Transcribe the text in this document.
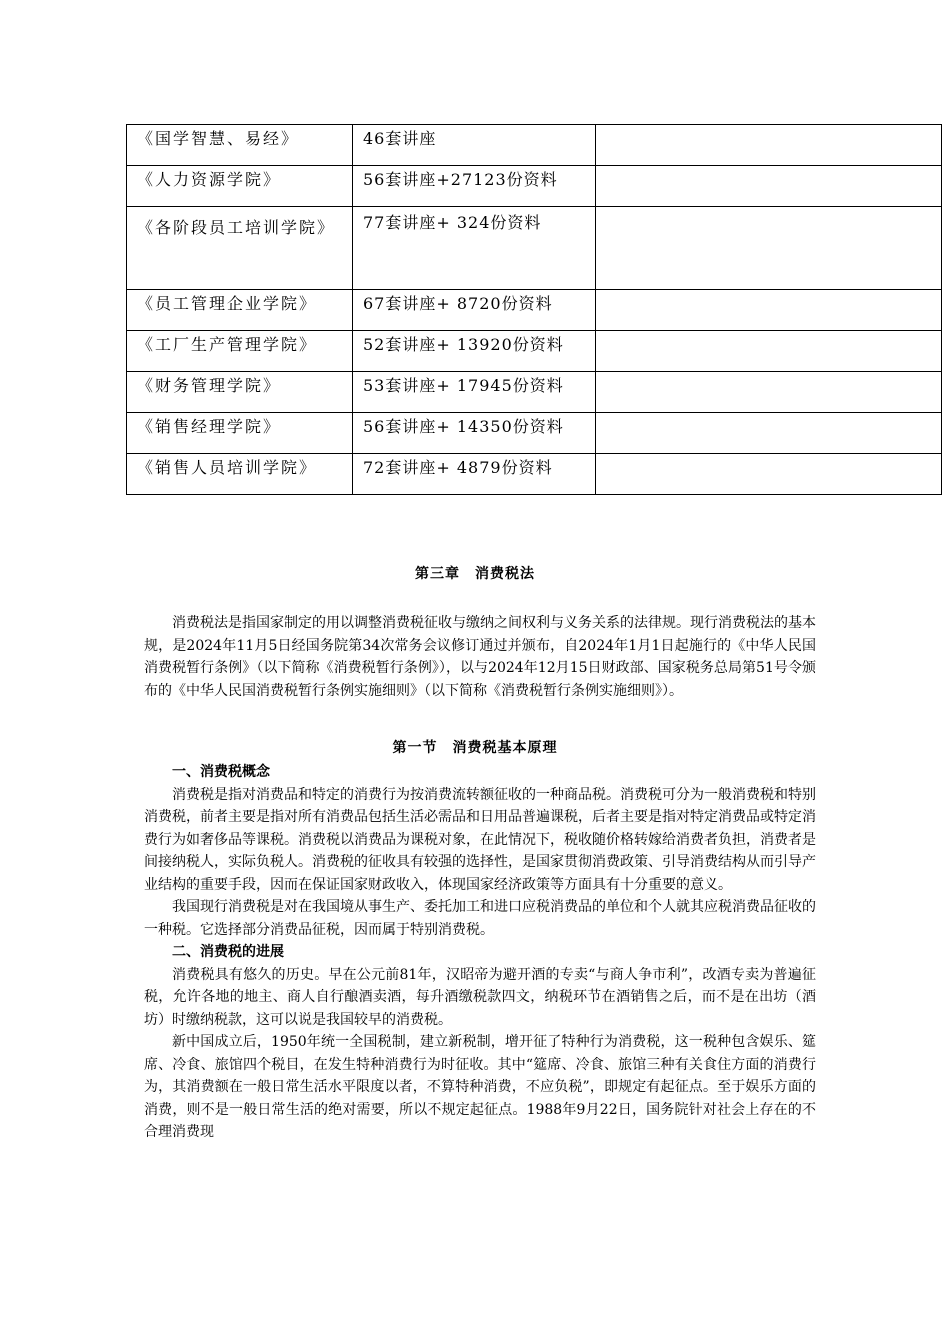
《国学智慧、易经》	46套讲座	
《人力资源学院》	56套讲座+27123份资料	
《各阶段员工培训学院》	77套讲座+ 324份资料	
《员工管理企业学院》	67套讲座+ 8720份资料	
《工厂生产管理学院》	52套讲座+ 13920份资料	
《财务管理学院》	53套讲座+ 17945份资料	
《销售经理学院》	56套讲座+ 14350份资料	
《销售人员培训学院》	72套讲座+ 4879份资料	
第三章　消费税法

消费税法是指国家制定的用以调整消费税征收与缴纳之间权利与义务关系的法律规。现行消费税法的基本规，是2024年11月5日经国务院第34次常务会议修订通过并颁布，自2024年1月1日起施行的《中华人民国消费税暂行条例》（以下简称《消费税暂行条例》），以与2024年12月15日财政部、国家税务总局第51号令颁布的《中华人民国消费税暂行条例实施细则》（以下简称《消费税暂行条例实施细则》）。

第一节　消费税基本原理
一、消费税概念

消费税是指对消费品和特定的消费行为按消费流转额征收的一种商品税。消费税可分为一般消费税和特别消费税，前者主要是指对所有消费品包括生活必需品和日用品普遍课税，后者主要是指对特定消费品或特定消费行为如奢侈品等课税。消费税以消费品为课税对象，在此情况下，税收随价格转嫁给消费者负担，消费者是间接纳税人，实际负税人。消费税的征收具有较强的选择性，是国家贯彻消费政策、引导消费结构从而引导产业结构的重要手段，因而在保证国家财政收入，体现国家经济政策等方面具有十分重要的意义。

我国现行消费税是对在我国境从事生产、委托加工和进口应税消费品的单位和个人就其应税消费品征收的一种税。它选择部分消费品征税，因而属于特别消费税。

二、消费税的进展

消费税具有悠久的历史。早在公元前81年，汉昭帝为避开酒的专卖“与商人争市利”，改酒专卖为普遍征税，允许各地的地主、商人自行酿酒卖酒，每升酒缴税款四文，纳税环节在酒销售之后，而不是在出坊（酒坊）时缴纳税款，这可以说是我国较早的消费税。

新中国成立后，1950年统一全国税制，建立新税制，增开征了特种行为消费税，这一税种包含娱乐、筵席、冷食、旅馆四个税目，在发生特种消费行为时征收。其中“筵席、冷食、旅馆三种有关食住方面的消费行为，其消费额在一般日常生活水平限度以者，不算特种消费，不应负税”，即规定有起征点。至于娱乐方面的消费，则不是一般日常生活的绝对需要，所以不规定起征点。1988年9月22日，国务院针对社会上存在的不合理消费现
